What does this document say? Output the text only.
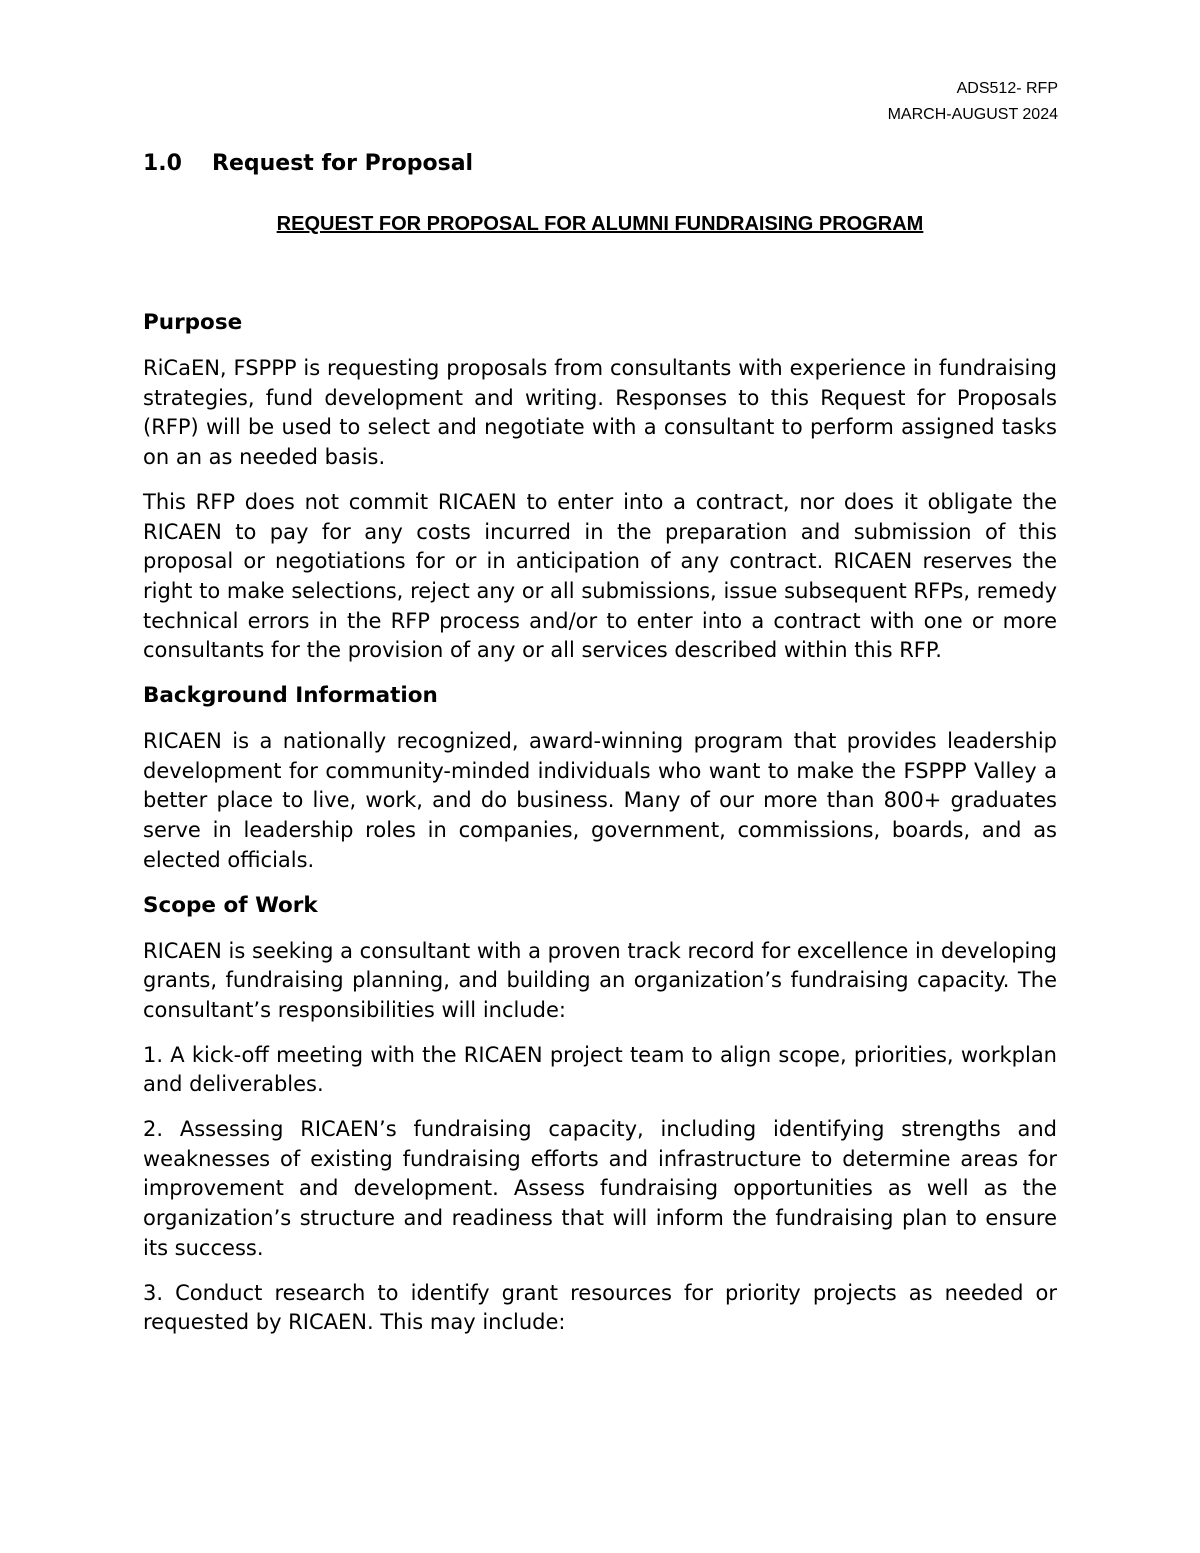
ADS512- RFP
MARCH-AUGUST 2024
1.0 Request for Proposal
REQUEST FOR PROPOSAL FOR ALUMNI FUNDRAISING PROGRAM
Purpose

RiCaEN, FSPPP is requesting proposals from consultants with experience in fundraising strategies, fund development and writing. Responses to this Request for Proposals (RFP) will be used to select and negotiate with a consultant to perform assigned tasks on an as needed basis.

This RFP does not commit RICAEN to enter into a contract, nor does it obligate the RICAEN to pay for any costs incurred in the preparation and submission of this proposal or negotiations for or in anticipation of any contract. RICAEN reserves the right to make selections, reject any or all submissions, issue subsequent RFPs, remedy technical errors in the RFP process and/or to enter into a contract with one or more consultants for the provision of any or all services described within this RFP.

Background Information

RICAEN is a nationally recognized, award-winning program that provides leadership development for community-minded individuals who want to make the FSPPP Valley a better place to live, work, and do business. Many of our more than 800+ graduates serve in leadership roles in companies, government, commissions, boards, and as elected officials.

Scope of Work

RICAEN is seeking a consultant with a proven track record for excellence in developing grants, fundraising planning, and building an organization’s fundraising capacity. The consultant’s responsibilities will include:

1. A kick-off meeting with the RICAEN project team to align scope, priorities, workplan and deliverables.

2. Assessing RICAEN’s fundraising capacity, including identifying strengths and weaknesses of existing fundraising efforts and infrastructure to determine areas for improvement and development. Assess fundraising opportunities as well as the organization’s structure and readiness that will inform the fundraising plan to ensure its success.

3. Conduct research to identify grant resources for priority projects as needed or requested by RICAEN. This may include:
